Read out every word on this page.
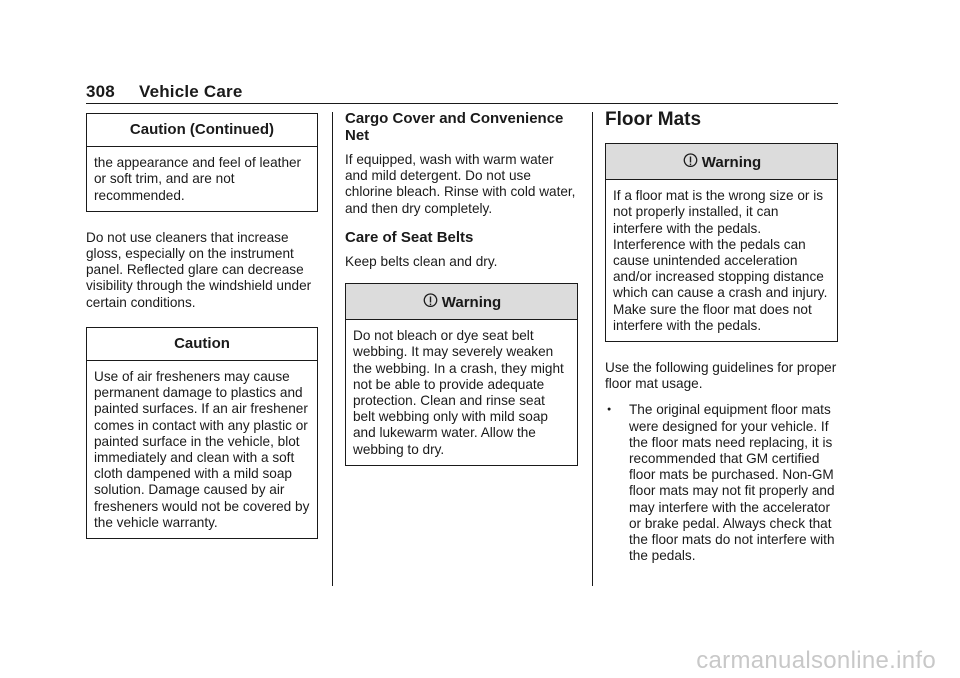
308 Vehicle Care
Caution (Continued)
the appearance and feel of leather or soft trim, and are not recommended.

Do not use cleaners that increase gloss, especially on the instrument panel. Reflected glare can decrease visibility through the windshield under certain conditions.

Caution
Use of air fresheners may cause permanent damage to plastics and painted surfaces. If an air freshener comes in contact with any plastic or painted surface in the vehicle, blot immediately and clean with a soft cloth dampened with a mild soap solution. Damage caused by air fresheners would not be covered by the vehicle warranty.
Cargo Cover and Convenience Net

If equipped, wash with warm water and mild detergent. Do not use chlorine bleach. Rinse with cold water, and then dry completely.

Care of Seat Belts

Keep belts clean and dry.

Warning
Do not bleach or dye seat belt webbing. It may severely weaken the webbing. In a crash, they might not be able to provide adequate protection. Clean and rinse seat belt webbing only with mild soap and lukewarm water. Allow the webbing to dry.
Floor Mats
Warning
If a floor mat is the wrong size or is not properly installed, it can interfere with the pedals. Interference with the pedals can cause unintended acceleration and/or increased stopping distance which can cause a crash and injury. Make sure the floor mat does not interfere with the pedals.

Use the following guidelines for proper floor mat usage.

●	The original equipment floor mats were designed for your vehicle. If the floor mats need replacing, it is recommended that GM certified floor mats be purchased. Non-GM floor mats may not fit properly and may interfere with the accelerator or brake pedal. Always check that the floor mats do not interfere with the pedals.
carmanualsonline.info
